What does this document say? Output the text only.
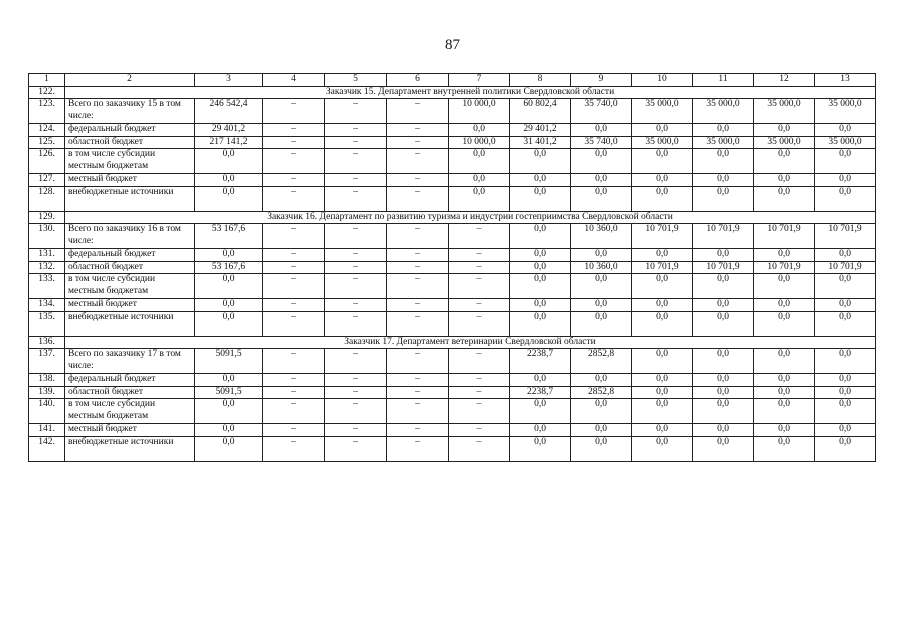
87
1	2	3	4	5	6	7	8	9	10	11	12	13
122.	Заказчик 15. Департамент внутренней политики Свердловской области											
123.	Всего по заказчику 15 в том числе:	246 542,4	–	–	–	10 000,0	60 802,4	35 740,0	35 000,0	35 000,0	35 000,0	35 000,0
124.	федеральный бюджет	29 401,2	–	–	–	0,0	29 401,2	0,0	0,0	0,0	0,0	0,0
125.	областной бюджет	217 141,2	–	–	–	10 000,0	31 401,2	35 740,0	35 000,0	35 000,0	35 000,0	35 000,0
126.	в том числе субсидии местным бюджетам	0,0	–	–	–	0,0	0,0	0,0	0,0	0,0	0,0	0,0
127.	местный бюджет	0,0	–	–	–	0,0	0,0	0,0	0,0	0,0	0,0	0,0
128.	внебюджетные источники	0,0	–	–	–	0,0	0,0	0,0	0,0	0,0	0,0	0,0
129.	Заказчик 16. Департамент по развитию туризма и индустрии гостеприимства Свердловской области											
130.	Всего по заказчику 16 в том числе:	53 167,6	–	–	–	–	0,0	10 360,0	10 701,9	10 701,9	10 701,9	10 701,9
131.	федеральный бюджет	0,0	–	–	–	–	0,0	0,0	0,0	0,0	0,0	0,0
132.	областной бюджет	53 167,6	–	–	–	–	0,0	10 360,0	10 701,9	10 701,9	10 701,9	10 701,9
133.	в том числе субсидии местным бюджетам	0,0	–	–	–	–	0,0	0,0	0,0	0,0	0,0	0,0
134.	местный бюджет	0,0	–	–	–	–	0,0	0,0	0,0	0,0	0,0	0,0
135.	внебюджетные источники	0,0	–	–	–	–	0,0	0,0	0,0	0,0	0,0	0,0
136.	Заказчик 17. Департамент ветеринарии Свердловской области											
137.	Всего по заказчику 17 в том числе:	5091,5	–	–	–	–	2238,7	2852,8	0,0	0,0	0,0	0,0
138.	федеральный бюджет	0,0	–	–	–	–	0,0	0,0	0,0	0,0	0,0	0,0
139.	областной бюджет	5091,5	–	–	–	–	2238,7	2852,8	0,0	0,0	0,0	0,0
140.	в том числе субсидии местным бюджетам	0,0	–	–	–	–	0,0	0,0	0,0	0,0	0,0	0,0
141.	местный бюджет	0,0	–	–	–	–	0,0	0,0	0,0	0,0	0,0	0,0
142.	внебюджетные источники	0,0	–	–	–	–	0,0	0,0	0,0	0,0	0,0	0,0
